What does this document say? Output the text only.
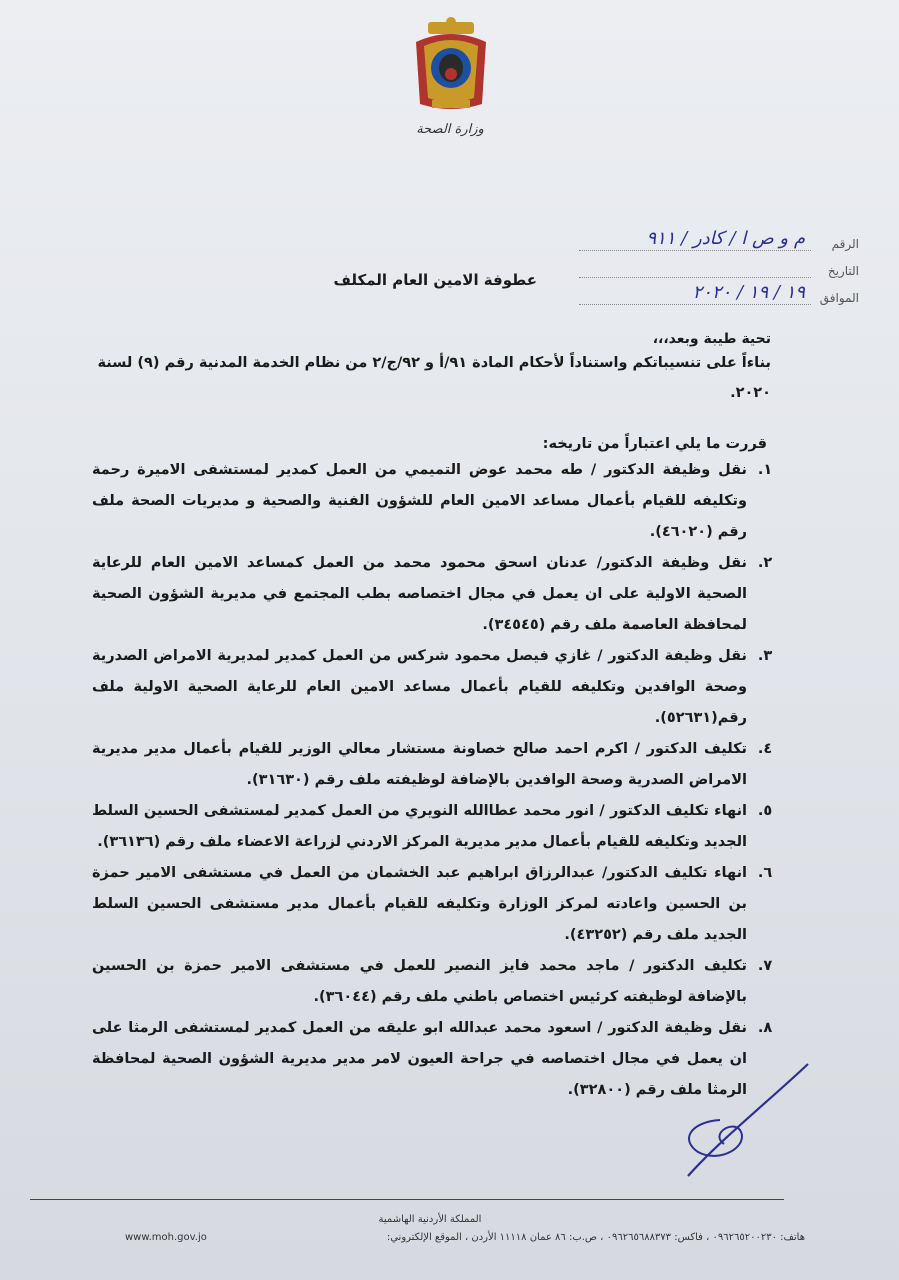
وزارة الصحة
الرقم
م و ص ا / كادر / ٩١١
التاريخ
الموافق
١٩ / ١٩ / ٢٠٢٠
عطوفة الامين العام المكلف
تحية طيبة وبعد،،،
بناءاً على تنسيباتكم واستناداً لأحكام المادة ٩١/أ و ٩٢/ج/٢ من نظام الخدمة المدنية رقم (٩) لسنة ٢٠٢٠.
قررت ما يلي اعتباراً من تاريخه:
١.
نقل وظيفة الدكتور / طه محمد عوض التميمي من العمل كمدير لمستشفى الاميرة رحمة وتكليفه للقيام بأعمال مساعد الامين العام للشؤون الفنية والصحية و مديريات الصحة ملف رقم (٤٦٠٢٠).
٢.
نقل وظيفة الدكتور/ عدنان اسحق محمود محمد من العمل كمساعد الامين العام للرعاية الصحية الاولية على ان يعمل في مجال اختصاصه بطب المجتمع في مديرية الشؤون الصحية لمحافظة العاصمة ملف رقم (٣٤٥٤٥).
٣.
نقل وظيفة الدكتور / غازي فيصل محمود شركس من العمل كمدير لمديرية الامراض الصدرية وصحة الوافدين وتكليفه للقيام بأعمال مساعد الامين العام للرعاية الصحية الاولية ملف رقم(٥٢٦٣١).
٤.
تكليف الدكتور / اكرم احمد صالح خصاونة مستشار معالي الوزير للقيام بأعمال مدير مديرية الامراض الصدرية وصحة الوافدين بالإضافة لوظيفته ملف رقم (٣١٦٣٠).
٥.
انهاء تكليف الدكتور / انور محمد عطاالله النويري من العمل كمدير لمستشفى الحسين السلط الجديد وتكليفه للقيام بأعمال مدير مديرية المركز الاردني لزراعة الاعضاء ملف رقم (٣٦١٣٦).
٦.
انهاء تكليف الدكتور/ عبدالرزاق ابراهيم عبد الخشمان من العمل في مستشفى الامير حمزة بن الحسين واعادته لمركز الوزارة وتكليفه للقيام بأعمال مدير مستشفى الحسين السلط الجديد ملف رقم (٤٣٢٥٢).
٧.
تكليف الدكتور / ماجد محمد فايز النصير للعمل في مستشفى الامير حمزة بن الحسين بالإضافة لوظيفته كرئيس اختصاص باطني ملف رقم (٣٦٠٤٤).
٨.
نقل وظيفة الدكتور / اسعود محمد عبدالله ابو عليقه من العمل كمدير لمستشفى الرمثا على ان يعمل في مجال اختصاصه في جراحة العيون لامر مدير مديرية الشؤون الصحية لمحافظة الرمثا ملف رقم (٣٢٨٠٠).
المملكة الأردنية الهاشمية
هاتف: ٠٩٦٢٦٥٢٠٠٢٣٠ ، فاكس: ٠٩٦٢٦٥٦٨٨٣٧٣ ، ص.ب: ٨٦ عمان ١١١١٨ الأردن ، الموقع الإلكتروني:
www.moh.gov.jo
